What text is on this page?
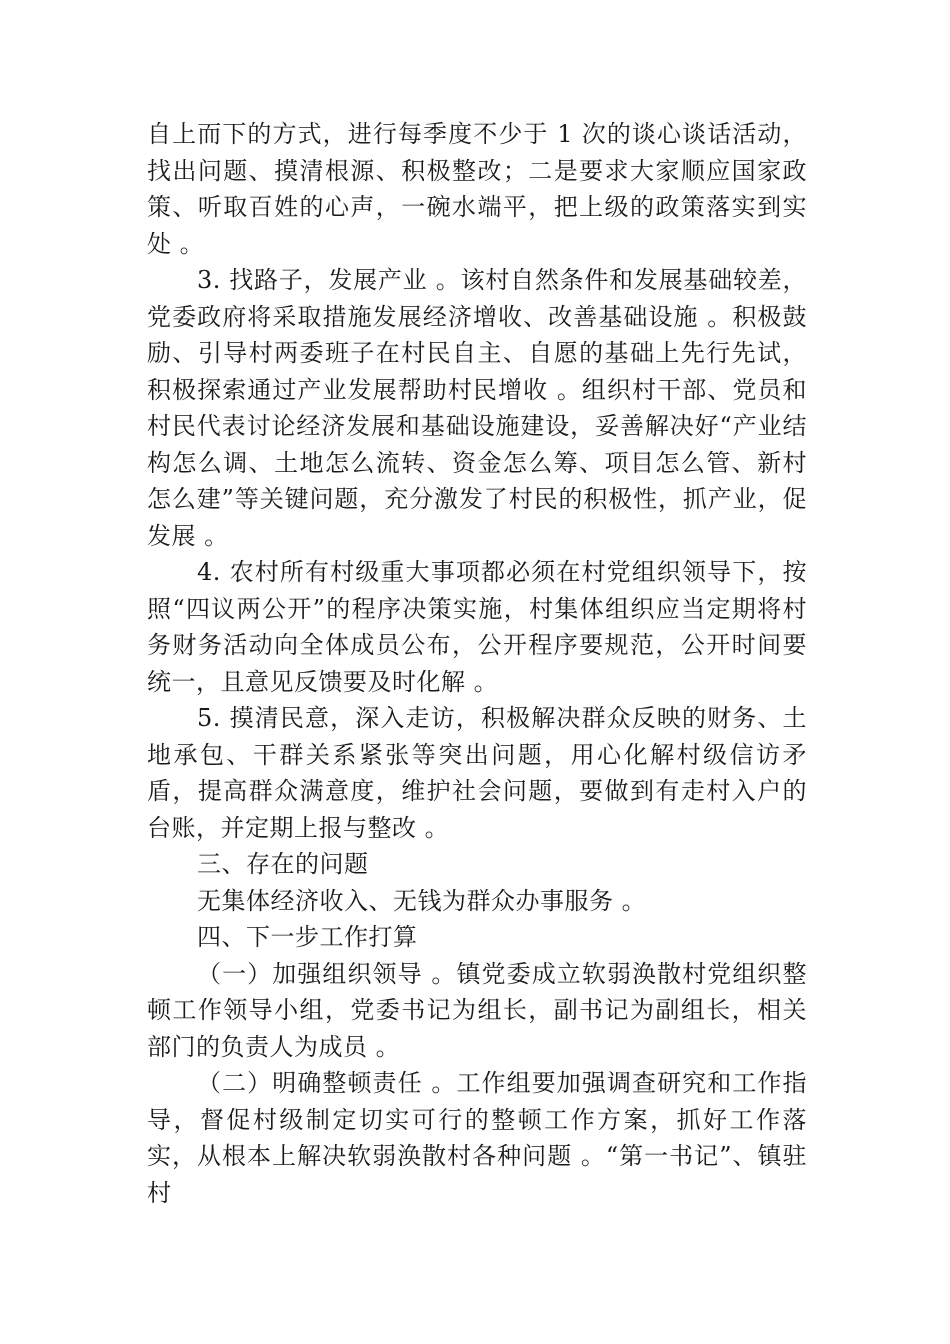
自上而下的方式，进行每季度不少于 1 次的谈心谈话活动，找出问题、摸清根源、积极整改；二是要求大家顺应国家政策、听取百姓的心声，一碗水端平，把上级的政策落实到实处 。

3. 找路子，发展产业 。该村自然条件和发展基础较差，党委政府将采取措施发展经济增收、改善基础设施 。积极鼓励、引导村两委班子在村民自主、自愿的基础上先行先试，积极探索通过产业发展帮助村民增收 。组织村干部、党员和村民代表讨论经济发展和基础设施建设，妥善解决好“产业结构怎么调、土地怎么流转、资金怎么筹、项目怎么管、新村怎么建”等关键问题，充分激发了村民的积极性，抓产业，促发展 。

4. 农村所有村级重大事项都必须在村党组织领导下，按照“四议两公开”的程序决策实施，村集体组织应当定期将村务财务活动向全体成员公布，公开程序要规范，公开时间要统一，且意见反馈要及时化解 。

5. 摸清民意，深入走访，积极解决群众反映的财务、土地承包、干群关系紧张等突出问题，用心化解村级信访矛盾，提高群众满意度，维护社会问题，要做到有走村入户的台账，并定期上报与整改 。

三、存在的问题

无集体经济收入、无钱为群众办事服务 。

四、下一步工作打算

（一）加强组织领导 。镇党委成立软弱涣散村党组织整顿工作领导小组，党委书记为组长，副书记为副组长，相关部门的负责人为成员 。

（二）明确整顿责任 。工作组要加强调查研究和工作指导，督促村级制定切实可行的整顿工作方案，抓好工作落实，从根本上解决软弱涣散村各种问题 。“第一书记”、镇驻村
